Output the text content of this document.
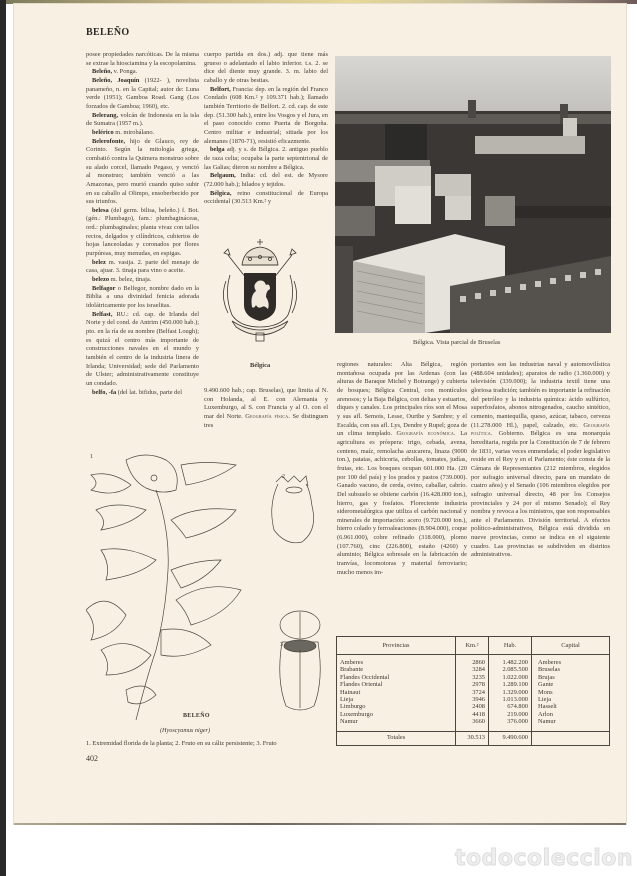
BELEÑO

posee propiedades narcóticas. De la misma se extrae la hiosciamina y la escopolamina.

Beleño, v. Ponga.

Beleño, Joaquín (1922- ), novelista panameño, n. en la Capital; autor de: Luna verde (1951); Gamboa Road. Gang (Los forzados de Gamboa; 1960), etc.

Belerang, volcán de Indonesia en la isla de Sumatra (1957 m.).

belérico m. mirobálano.

Belerofonte, hijo de Glauco, rey de Corinto. Según la mitología griega, combatió contra la Quimera monstruo sobre su alado corcel, llamado Pegaso, y venció al monstruo; también venció a las Amazonas, pero murió cuando quiso subir en su caballo al Olimpo, ensoberbecido por sus triunfos.

belesa (del germ. bilisa, beleño.) f. Bot. (gén.: Plumbago), fam.: plumbagináceas, ord.: plumbaginales; planta vivaz con tallos rectos, delgados y cilíndricos, cubiertos de hojas lanceoladas y coronados por flores purpúreas, muy menudas, en espigas.

belez m. vasija. 2. parte del menaje de casa, ajuar. 3. tinaja para vino o aceite.

belezo m. belez, tinaja.

Belfagor o Belfegor, nombre dado en la Biblia a una divinidad fenicia adorada idolátricamente por los israelitas.

Belfast, RU.: cd. cap. de Irlanda del Norte y del cond. de Antrim (450.000 hab.); pto. en la ría de su nombre (Belfast Lough); es quizá el centro más importante de construcciones navales en el mundo y también el centro de la industria linera de Irlanda; Universidad; sede del Parlamento de Ulster; administrativamente constituye un condado.

belfo, -fa (del lat. bifidus, parte del

cuerpo partida en dos.) adj. que tiene más grueso o adelantado el labio inferior. t.s. 2. se dice del diente muy grande. 3. m. labio del caballo y de otras bestias.

Belfort, Francia: dep. en la región del Franco Condado (608 Km.² y 109.371 hab.); llamado también Territorio de Belfort. 2. cd. cap. de este dep. (51.300 hab.), entre los Vosgos y el Jura, en el paso conocido como Puerta de Borgoña. Centro militar e industrial; sitiada por los alemanes (1870-71), resistió eficazmente.

belga adj. y s. de Bélgica. 2. antiguo pueblo de raza celta; ocupaba la parte septentrional de las Galias; dieron su nombre a Bélgica.

Belgaum, India: cd. del est. de Mysore (72.000 hab.); hilados y tejidos.

Bélgica, reino constitucional de Europa occidental (30.513 Km.² y

Bélgica

9.490.600 hab.; cap. Bruselas), que limita al N. con Holanda, al E. con Alemania y Luxemburgo, al S. con Francia y al O. con el mar del Norte. Geografía física. Se distinguen tres

Bélgica. Vista parcial de Bruselas

regiones naturales: Alta Bélgica, región montañosa ocupada por las Ardenas (con las alturas de Baraque Michel y Botrange) y cubierta de bosques; Bélgica Central, con montículos arenosos; y la Baja Bélgica, con deltas y estuarios, diques y canales. Los principales ríos son el Mosa y sus afl. Semois, Lesse, Ourthe y Sambre; y el Escalda, con sus afl. Lys, Dendre y Rupel; goza de un clima templado. Geografía económica. La agricultura es próspera: trigo, cebada, avena, centeno, maíz, remolacha azucarera, linaza (9000 ton.), patatas, achicoria, cebollas, tomates, judías, frutas, etc. Los bosques ocupan 601.000 Ha. (20 por 100 del país) y los prados y pastos (739.000). Ganado vacuno, de cerda, ovino, caballar, cabrío. Del subsuelo se obtiene carbón (16.428.000 ton.), hierro, gas y fosfatos. Floreciente industria siderometalúrgica que utiliza el carbón nacional y minerales de importación: acero (9.720.000 ton.), hierro colado y ferroaleaciones (8.904.000), coque (6.961.000), cobre refinado (318.000), plomo (107.760), cinc (226.800), estaño (4260) y aluminio; Bélgica sobresale en la fabricación de tranvías, locomotoras y material ferroviario; mucho menos im-

portantes son las industrias naval y automovilística (488.604 unidades); aparatos de radio (1.360.000) y televisión (339.000); la industria textil tiene una gloriosa tradición; también es importante la refinación del petróleo y la industria química: ácido sulfúrico, superfosfatos, abonos nitrogenados, caucho sintético, cemento, mantequilla, queso, azúcar, tabaco, cerveza (11.278.000 Hl.), papel, calzado, etc. Geografía política. Gobierno. Bélgica es una monarquía hereditaria, regida por la Constitución de 7 de febrero de 1831, varias veces enmendada; el poder legislativo reside en el Rey y en el Parlamento; éste consta de la Cámara de Representantes (212 miembros, elegidos por sufragio universal directo, para un mandato de cuatro años) y el Senado (106 miembros elegidos por sufragio universal directo, 48 por los Consejos provinciales y 24 por el mismo Senado); el Rey nombra y revoca a los ministros, que son responsables ante el Parlamento. División territorial. A efectos político-administrativos, Bélgica está dividida en nueve provincias, como se indica en el siguiente cuadro. Las provincias se subdividen en distritos administrativos.

Provincias	Km.²	Hab.	Capital
Amberes	2860	1.482.200	Amberes
Brabante	3284	2.085.500	Bruselas
Flandes Occidental	3235	1.022.000	Brujas
Flandes Oriental	2978	1.289.100	Gante
Hainaut	3724	1.329.000	Mons
Lieja	3946	1.013.000	Lieja
Limburgo	2408	674.800	Hasselt
Luxemburgo	4418	219.000	Arlon
Namur	3660	376.000	Namur
Totales	30.513	9.490.600	
1
2
3
BELEÑO
(Hyoscyamus niger)
1. Extremidad florida de la planta; 2. Fruto en su cáliz persistente; 3. Fruto
402
todocoleccion
